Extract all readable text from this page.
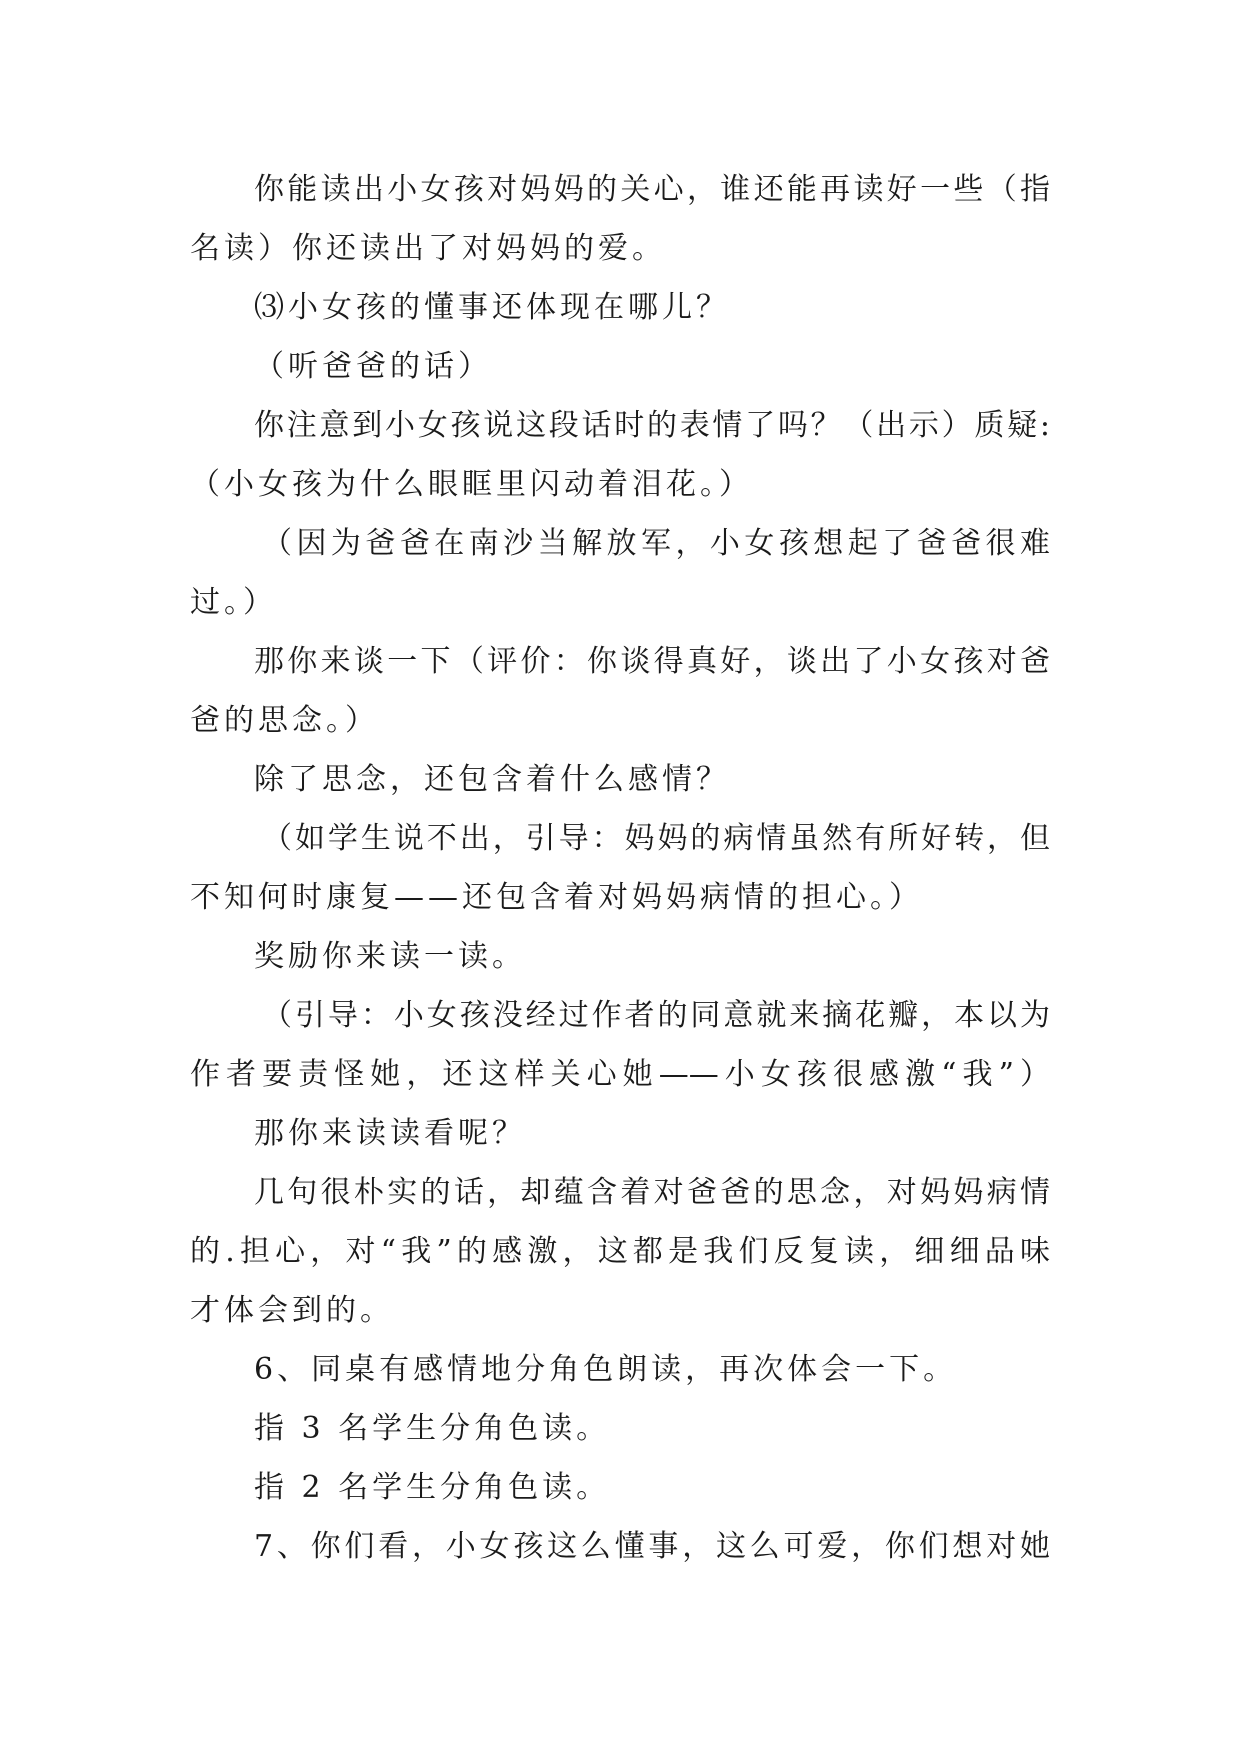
你能读出小女孩对妈妈的关心，谁还能再读好一些（指
名读）你还读出了对妈妈的爱。
⑶小女孩的懂事还体现在哪儿？
（听爸爸的话）
你注意到小女孩说这段话时的表情了吗？（出示）质疑:
（小女孩为什么眼眶里闪动着泪花。）
（因为爸爸在南沙当解放军，小女孩想起了爸爸很难
过。）
那你来谈一下（评价：你谈得真好，谈出了小女孩对爸
爸的思念。）
除了思念，还包含着什么感情？
（如学生说不出，引导：妈妈的病情虽然有所好转，但
不知何时康复——还包含着对妈妈病情的担心。）
奖励你来读一读。
（引导：小女孩没经过作者的同意就来摘花瓣，本以为
作者要责怪她，还这样关心她——小女孩很感激“我”）
那你来读读看呢？
几句很朴实的话，却蕴含着对爸爸的思念，对妈妈病情
的.担心，对“我”的感激，这都是我们反复读，细细品味
才体会到的。
6、同桌有感情地分角色朗读，再次体会一下。
指 3 名学生分角色读。
指 2 名学生分角色读。
7、你们看，小女孩这么懂事，这么可爱，你们想对她
